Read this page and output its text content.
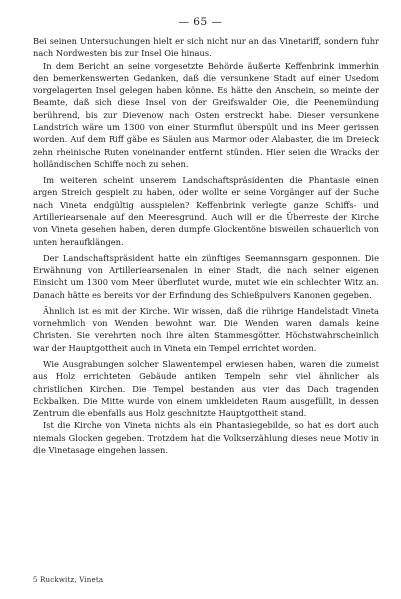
— 65 —

Bei seinen Untersuchungen hielt er sich nicht nur an das Vinetariff, sondern fuhr nach Nordwesten bis zur Insel Oie hinaus.

In dem Bericht an seine vorgesetzte Behörde äußerte Keffenbrink immerhin den bemerkenswerten Gedanken, daß die versunkene Stadt auf einer Usedom vorgelagerten Insel gelegen haben könne. Es hätte den Anschein, so meinte der Beamte, daß sich diese Insel von der Greifswalder Oie, die Peenemündung berührend, bis zur Dievenow nach Osten erstreckt habe. Dieser versunkene Landstrich wäre um 1300 von einer Sturmflut überspült und ins Meer gerissen worden. Auf dem Riff gäbe es Säulen aus Marmor oder Alabaster, die im Dreieck zehn rheinische Ruten voneinander entfernt stünden. Hier seien die Wracks der holländischen Schiffe noch zu sehen.

Im weiteren scheint unserem Landschaftspräsidenten die Phantasie einen argen Streich gespielt zu haben, oder wollte er seine Vorgänger auf der Suche nach Vineta endgültig ausspielen? Keffenbrink verlegte ganze Schiffs- und Artilleriearsenale auf den Meeresgrund. Auch will er die Überreste der Kirche von Vineta gesehen haben, deren dumpfe Glockentöne bisweilen schauerlich von unten heraufklängen.

Der Landschaftspräsident hatte ein zünftiges Seemannsgarn gesponnen. Die Erwähnung von Artilleriearsenalen in einer Stadt, die nach seiner eigenen Einsicht um 1300 vom Meer überflutet wurde, mutet wie ein schlechter Witz an. Danach hätte es bereits vor der Erfindung des Schießpulvers Kanonen gegeben.

Ähnlich ist es mit der Kirche. Wir wissen, daß die rührige Handelstadt Vineta vornehmlich von Wenden bewohnt war. Die Wenden waren damals keine Christen. Sie verehrten noch ihre alten Stammesgötter. Höchstwahrscheinlich war der Hauptgottheit auch in Vineta ein Tempel errichtet worden.

Wie Ausgrabungen solcher Slawentempel erwiesen haben, waren die zumeist aus Holz errichteten Gebäude antiken Tempeln sehr viel ähnlicher als christlichen Kirchen. Die Tempel bestanden aus vier das Dach tragenden Eckbalken. Die Mitte wurde von einem umkleideten Raum ausgefüllt, in dessen Zentrum die ebenfalls aus Holz geschnitzte Hauptgottheit stand.

Ist die Kirche von Vineta nichts als ein Phantasiegebilde, so hat es dort auch niemals Glocken gegeben. Trotzdem hat die Volkserzählung dieses neue Motiv in die Vinetasage eingehen lassen.

5 Ruckwitz, Vineta
